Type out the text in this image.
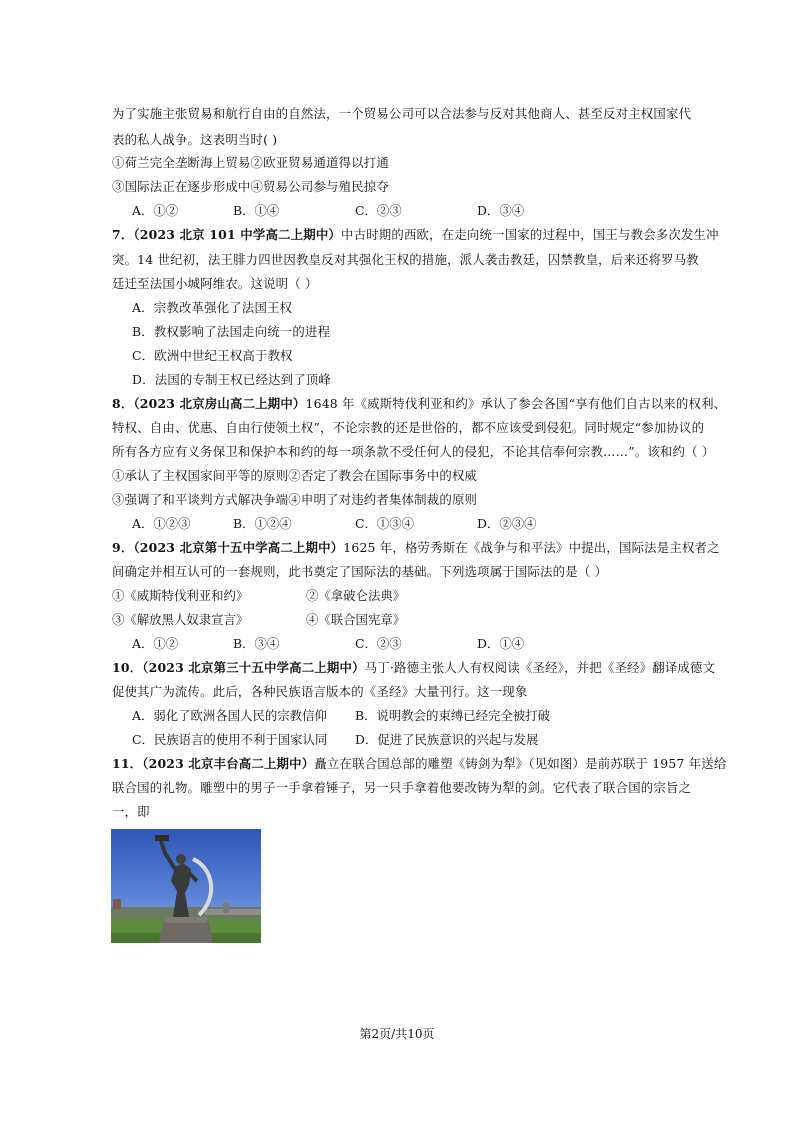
为了实施主张贸易和航行自由的自然法，一个贸易公司可以合法参与反对其他商人、甚至反对主权国家代
表的私人战争。这表明当时( )
①荷兰完全垄断海上贸易②欧亚贸易通道得以打通
③国际法正在逐步形成中④贸易公司参与殖民掠夺
A．①②	B．①④	C．②③	D．③④
7．（2023 北京 101 中学高二上期中）中古时期的西欧，在走向统一国家的过程中，国王与教会多次发生冲
突。14 世纪初，法王腓力四世因教皇反对其强化王权的措施，派人袭击教廷，囚禁教皇，后来还将罗马教
廷迁至法国小城阿维农。这说明（ ）
A．宗教改革强化了法国王权
B．教权影响了法国走向统一的进程
C．欧洲中世纪王权高于教权
D．法国的专制王权已经达到了顶峰
8．（2023 北京房山高二上期中）1648 年《威斯特伐利亚和约》承认了参会各国“享有他们自古以来的权利、
特权、自由、优惠、自由行使领土权”，不论宗教的还是世俗的，都不应该受到侵犯。同时规定“参加协议的
所有各方应有义务保卫和保护本和约的每一项条款不受任何人的侵犯，不论其信奉何宗教……”。该和约（ ）
①承认了主权国家间平等的原则②否定了教会在国际事务中的权威
③强调了和平谈判方式解决争端④申明了对违约者集体制裁的原则
A．①②③	B．①②④	C．①③④	D．②③④
9．（2023 北京第十五中学高二上期中）1625 年，格劳秀斯在《战争与和平法》中提出，国际法是主权者之
间确定并相互认可的一套规则，此书奠定了国际法的基础。下列选项属于国际法的是（ ）
①《威斯特伐利亚和约》	②《拿破仑法典》
③《解放黑人奴隶宣言》	④《联合国宪章》
A．①②	B．③④	C．②③	D．①④
10．（2023 北京第三十五中学高二上期中）马丁·路德主张人人有权阅读《圣经》，并把《圣经》翻译成德文
促使其广为流传。此后，各种民族语言版本的《圣经》大量刊行。这一现象
A．弱化了欧洲各国人民的宗教信仰 B．说明教会的束缚已经完全被打破
C．民族语言的使用不利于国家认同 D．促进了民族意识的兴起与发展
11．（2023 北京丰台高二上期中）矗立在联合国总部的雕塑《铸剑为犁》（见如图）是前苏联于 1957 年送给
联合国的礼物。雕塑中的男子一手拿着锤子，另一只手拿着他要改铸为犁的剑。它代表了联合国的宗旨之
一，即
第2页/共10页
